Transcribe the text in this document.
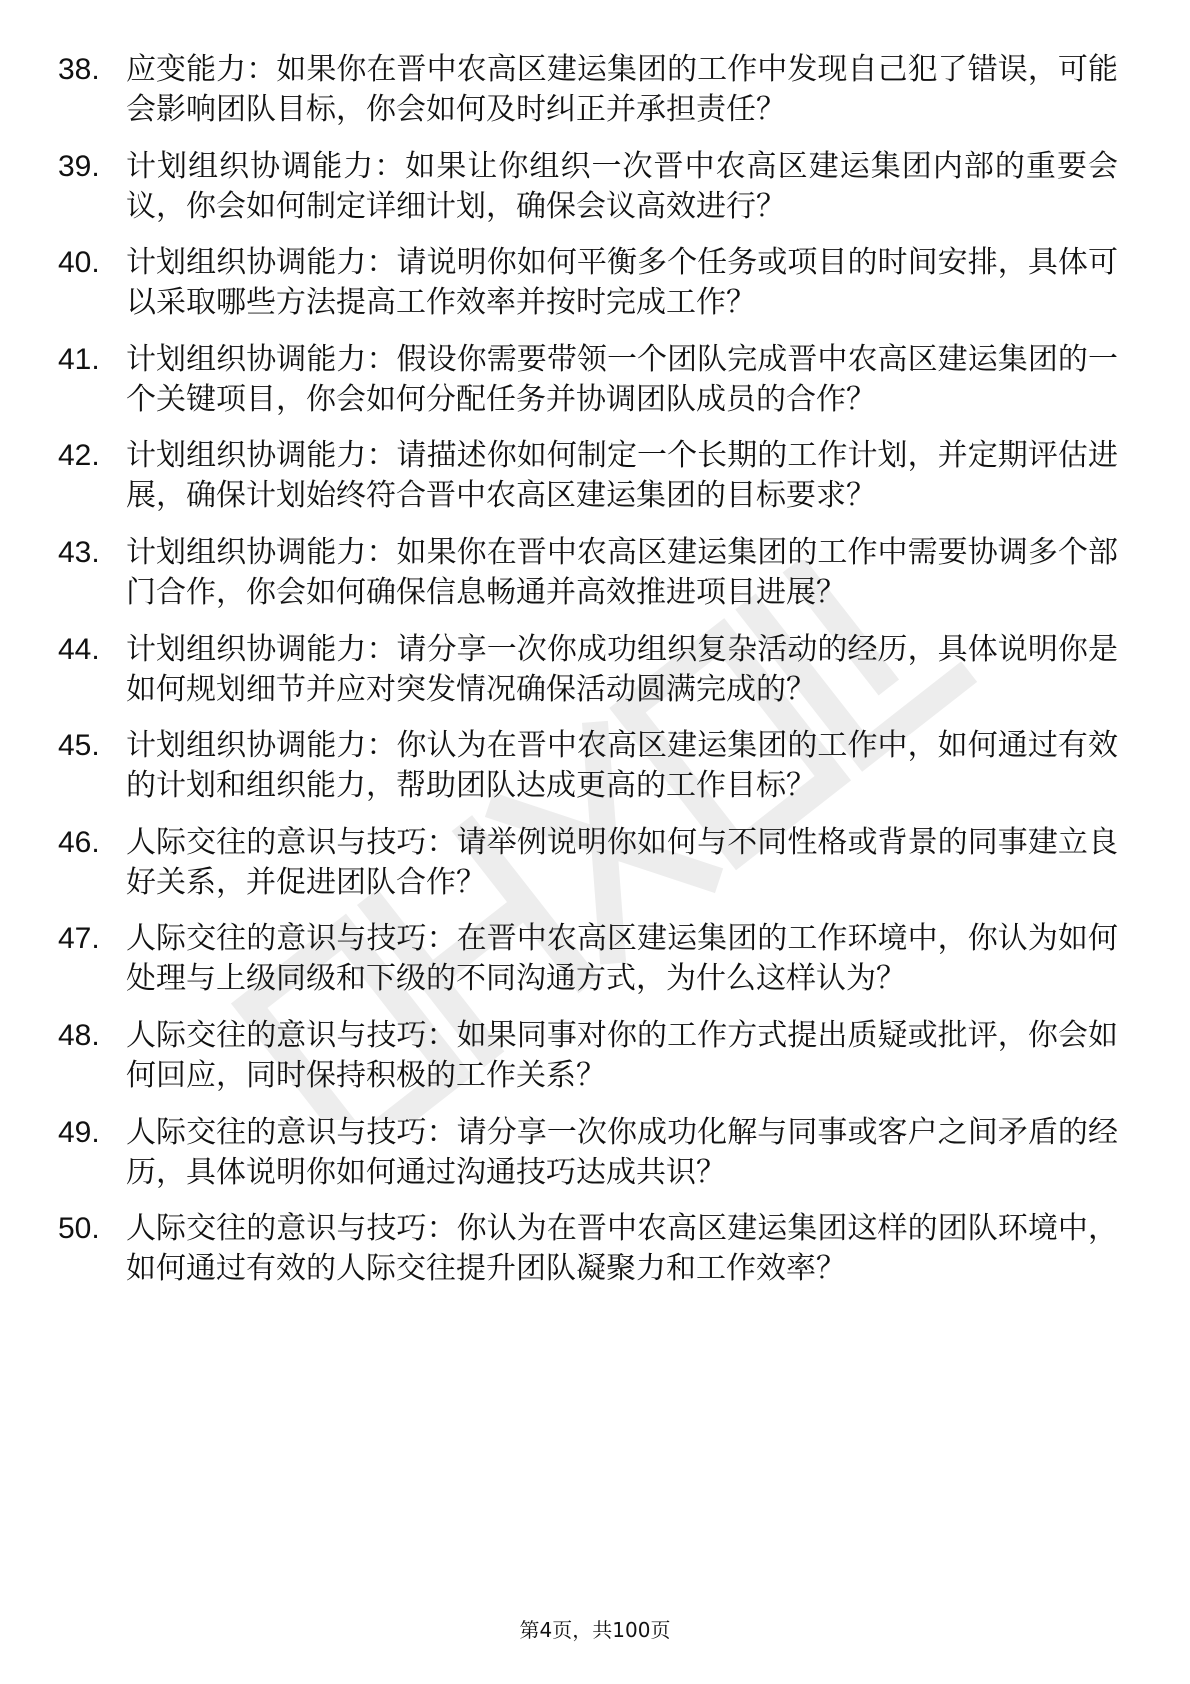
38. 应变能力：如果你在晋中农高区建运集团的工作中发现自己犯了错误，可能会影响团队目标，你会如何及时纠正并承担责任？
39. 计划组织协调能力：如果让你组织一次晋中农高区建运集团内部的重要会议，你会如何制定详细计划，确保会议高效进行？
40. 计划组织协调能力：请说明你如何平衡多个任务或项目的时间安排，具体可以采取哪些方法提高工作效率并按时完成工作？
41. 计划组织协调能力：假设你需要带领一个团队完成晋中农高区建运集团的一个关键项目，你会如何分配任务并协调团队成员的合作？
42. 计划组织协调能力：请描述你如何制定一个长期的工作计划，并定期评估进展，确保计划始终符合晋中农高区建运集团的目标要求？
43. 计划组织协调能力：如果你在晋中农高区建运集团的工作中需要协调多个部门合作，你会如何确保信息畅通并高效推进项目进展？
44. 计划组织协调能力：请分享一次你成功组织复杂活动的经历，具体说明你是如何规划细节并应对突发情况确保活动圆满完成的？
45. 计划组织协调能力：你认为在晋中农高区建运集团的工作中，如何通过有效的计划和组织能力，帮助团队达成更高的工作目标？
46. 人际交往的意识与技巧：请举例说明你如何与不同性格或背景的同事建立良好关系，并促进团队合作？
47. 人际交往的意识与技巧：在晋中农高区建运集团的工作环境中，你认为如何处理与上级同级和下级的不同沟通方式，为什么这样认为？
48. 人际交往的意识与技巧：如果同事对你的工作方式提出质疑或批评，你会如何回应，同时保持积极的工作关系？
49. 人际交往的意识与技巧：请分享一次你成功化解与同事或客户之间矛盾的经历，具体说明你如何通过沟通技巧达成共识？
50. 人际交往的意识与技巧：你认为在晋中农高区建运集团这样的团队环境中，如何通过有效的人际交往提升团队凝聚力和工作效率？
第4页，共100页
